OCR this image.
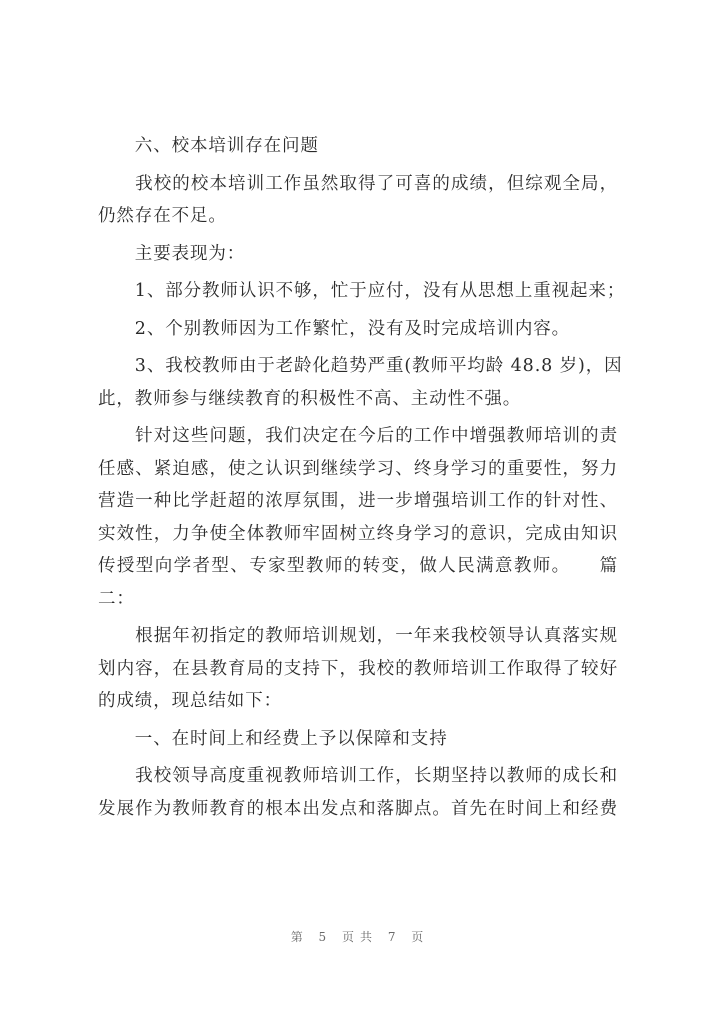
　　六、校本培训存在问题
　　我校的校本培训工作虽然取得了可喜的成绩，但综观全局，
仍然存在不足。
　　主要表现为：
　　1、部分教师认识不够，忙于应付，没有从思想上重视起来；
　　2、个别教师因为工作繁忙，没有及时完成培训内容。
　　3、我校教师由于老龄化趋势严重(教师平均龄 48.8 岁)，因
此，教师参与继续教育的积极性不高、主动性不强。
　　针对这些问题，我们决定在今后的工作中增强教师培训的责
任感、紧迫感，使之认识到继续学习、终身学习的重要性，努力
营造一种比学赶超的浓厚氛围，进一步增强培训工作的针对性、
实效性，力争使全体教师牢固树立终身学习的意识，完成由知识
传授型向学者型、专家型教师的转变，做人民满意教师。　　篇
二：
　　根据年初指定的教师培训规划，一年来我校领导认真落实规
划内容，在县教育局的支持下，我校的教师培训工作取得了较好
的成绩，现总结如下：
　　一、在时间上和经费上予以保障和支持
　　我校领导高度重视教师培训工作，长期坚持以教师的成长和
发展作为教师教育的根本出发点和落脚点。首先在时间上和经费
第 5 页共 7 页
